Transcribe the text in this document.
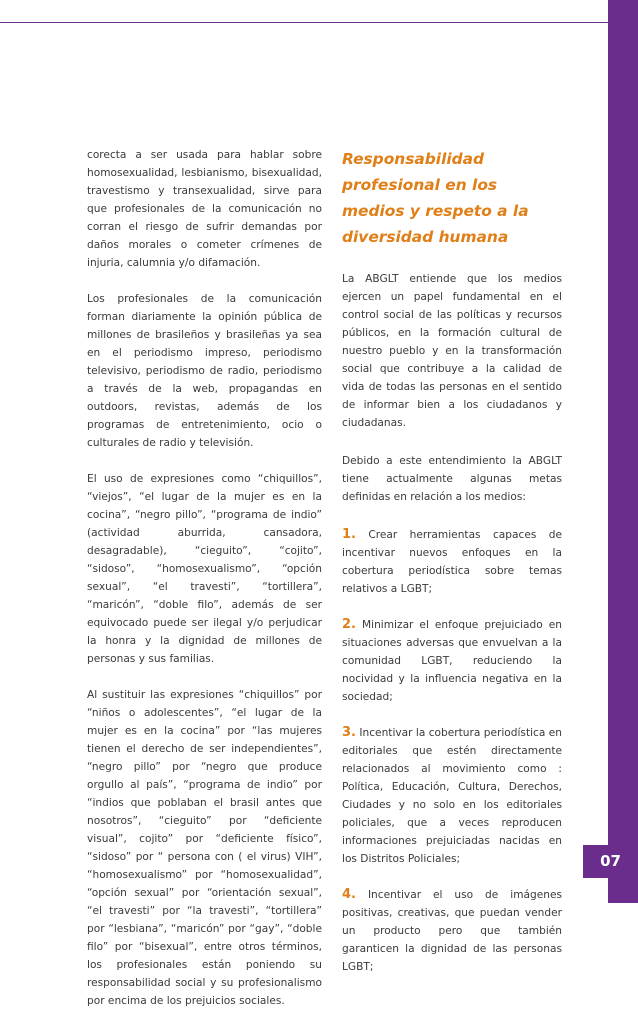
corecta a ser usada para hablar sobre homosexualidad, lesbianismo, bisexualidad, travestismo y transexualidad, sirve para que profesionales de la comunicación no corran el riesgo de sufrir demandas por daños morales o cometer crímenes de injuria, calumnia y/o difamación.

Los profesionales de la comunicación forman diariamente la opinión pública de millones de brasileños y brasileñas ya sea en el periodismo impreso, periodismo televisivo, periodismo de radio, periodismo a través de la web, propagandas en outdoors, revistas, además de los programas de entretenimiento, ocio o culturales de radio y televisión.

El uso de expresiones como “chiquillos”, “viejos”, “el lugar de la mujer es en la cocina”, “negro pillo”, “programa de indio” (actividad aburrida, cansadora, desagradable), “cieguito”, “cojito”, “sidoso”, “homosexualismo”, “opción sexual”, “el travesti”, “tortillera”, “maricón”, “doble filo”, además de ser equivocado puede ser ilegal y/o perjudicar la honra y la dignidad de millones de personas y sus familias.

Al sustituir las expresiones “chiquillos” por “niños o adolescentes”, “el lugar de la mujer es en la cocina” por “las mujeres tienen el derecho de ser independientes”, “negro pillo” por “negro que produce orgullo al país”, “programa de indio” por “indios que poblaban el brasil antes que nosotros”, “cieguito” por “deficiente visual”, cojito” por “deficiente físico”, “sidoso” por “ persona con ( el virus) VIH”, “homosexualismo” por “homosexualidad”, “opción sexual” por “orientación sexual”, “el travesti” por “la travesti”, “tortillera” por “lesbiana”, “maricón” por “gay”, “doble filo” por “bisexual”, entre otros términos, los profesionales están poniendo su responsabilidad social y su profesionalismo por encima de los prejuicios sociales.

Responsabilidad profesional en los medios y respeto a la diversidad humana

La ABGLT entiende que los medios ejercen un papel fundamental en el control social de las políticas y recursos públicos, en la formación cultural de nuestro pueblo y en la transformación social que contribuye a la calidad de vida de todas las personas en el sentido de informar bien a los ciudadanos y ciudadanas.

Debido a este entendimiento la ABGLT tiene actualmente algunas metas definidas en relación a los medios:

1. Crear herramientas capaces de incentivar nuevos enfoques en la cobertura periodística sobre temas relativos a LGBT;

2. Minimizar el enfoque prejuiciado en situaciones adversas que envuelvan a la comunidad LGBT, reduciendo la nocividad y la influencia negativa en la sociedad;

3. Incentivar la cobertura periodística en editoriales que estén directamente relacionados al movimiento como : Política, Educación, Cultura, Derechos, Ciudades y no solo en los editoriales policiales, que a veces reproducen informaciones prejuiciadas nacidas en los Distritos Policiales;

4. Incentivar el uso de imágenes positivas, creativas, que puedan vender un producto pero que también garanticen la dignidad de las personas LGBT;

07
